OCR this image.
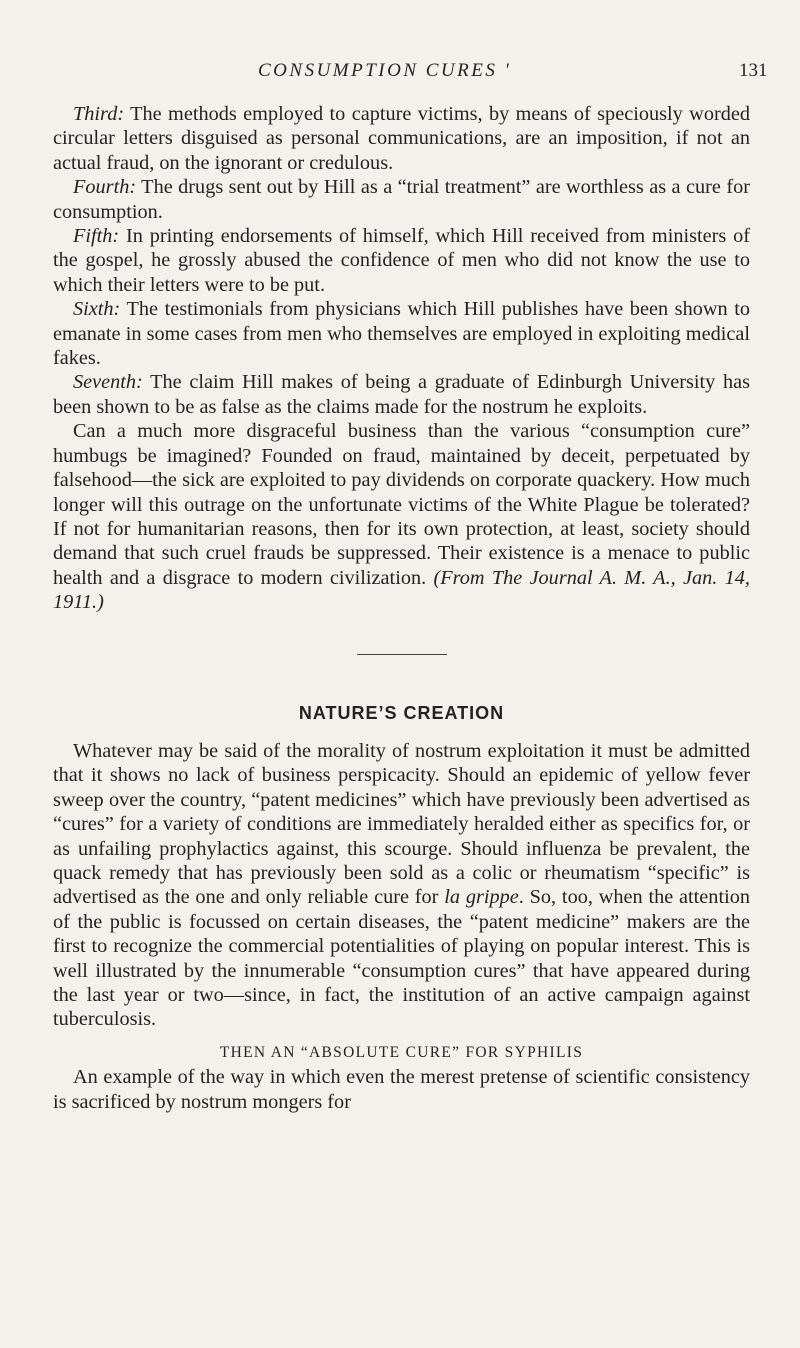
CONSUMPTION CURES '	131

Third: The methods employed to capture victims, by means of speciously worded circular letters disguised as personal communications, are an imposition, if not an actual fraud, on the ignorant or credulous.

Fourth: The drugs sent out by Hill as a “trial treatment” are worthless as a cure for consumption.

Fifth: In printing endorsements of himself, which Hill received from ministers of the gospel, he grossly abused the confidence of men who did not know the use to which their letters were to be put.

Sixth: The testimonials from physicians which Hill publishes have been shown to emanate in some cases from men who themselves are employed in exploiting medical fakes.

Seventh: The claim Hill makes of being a graduate of Edinburgh University has been shown to be as false as the claims made for the nostrum he exploits.

Can a much more disgraceful business than the various “consumption cure” humbugs be imagined? Founded on fraud, maintained by deceit, perpetuated by falsehood—the sick are exploited to pay dividends on corporate quackery. How much longer will this outrage on the unfortunate victims of the White Plague be tolerated? If not for humanitarian reasons, then for its own protection, at least, society should demand that such cruel frauds be suppressed. Their existence is a menace to public health and a disgrace to modern civilization. (From The Journal A. M. A., Jan. 14, 1911.)

NATURE’S CREATION

Whatever may be said of the morality of nostrum exploitation it must be admitted that it shows no lack of business perspicacity. Should an epidemic of yellow fever sweep over the country, “patent medicines” which have previously been advertised as “cures” for a variety of conditions are immediately heralded either as specifics for, or as unfailing prophylactics against, this scourge. Should influenza be prevalent, the quack remedy that has previously been sold as a colic or rheumatism “specific” is advertised as the one and only reliable cure for la grippe. So, too, when the attention of the public is focussed on certain diseases, the “patent medicine” makers are the first to recognize the commercial potentialities of playing on popular interest. This is well illustrated by the innumerable “consumption cures” that have appeared during the last year or two—since, in fact, the institution of an active campaign against tuberculosis.

THEN AN “ABSOLUTE CURE” FOR SYPHILIS

An example of the way in which even the merest pretense of scientific consistency is sacrificed by nostrum mongers for
